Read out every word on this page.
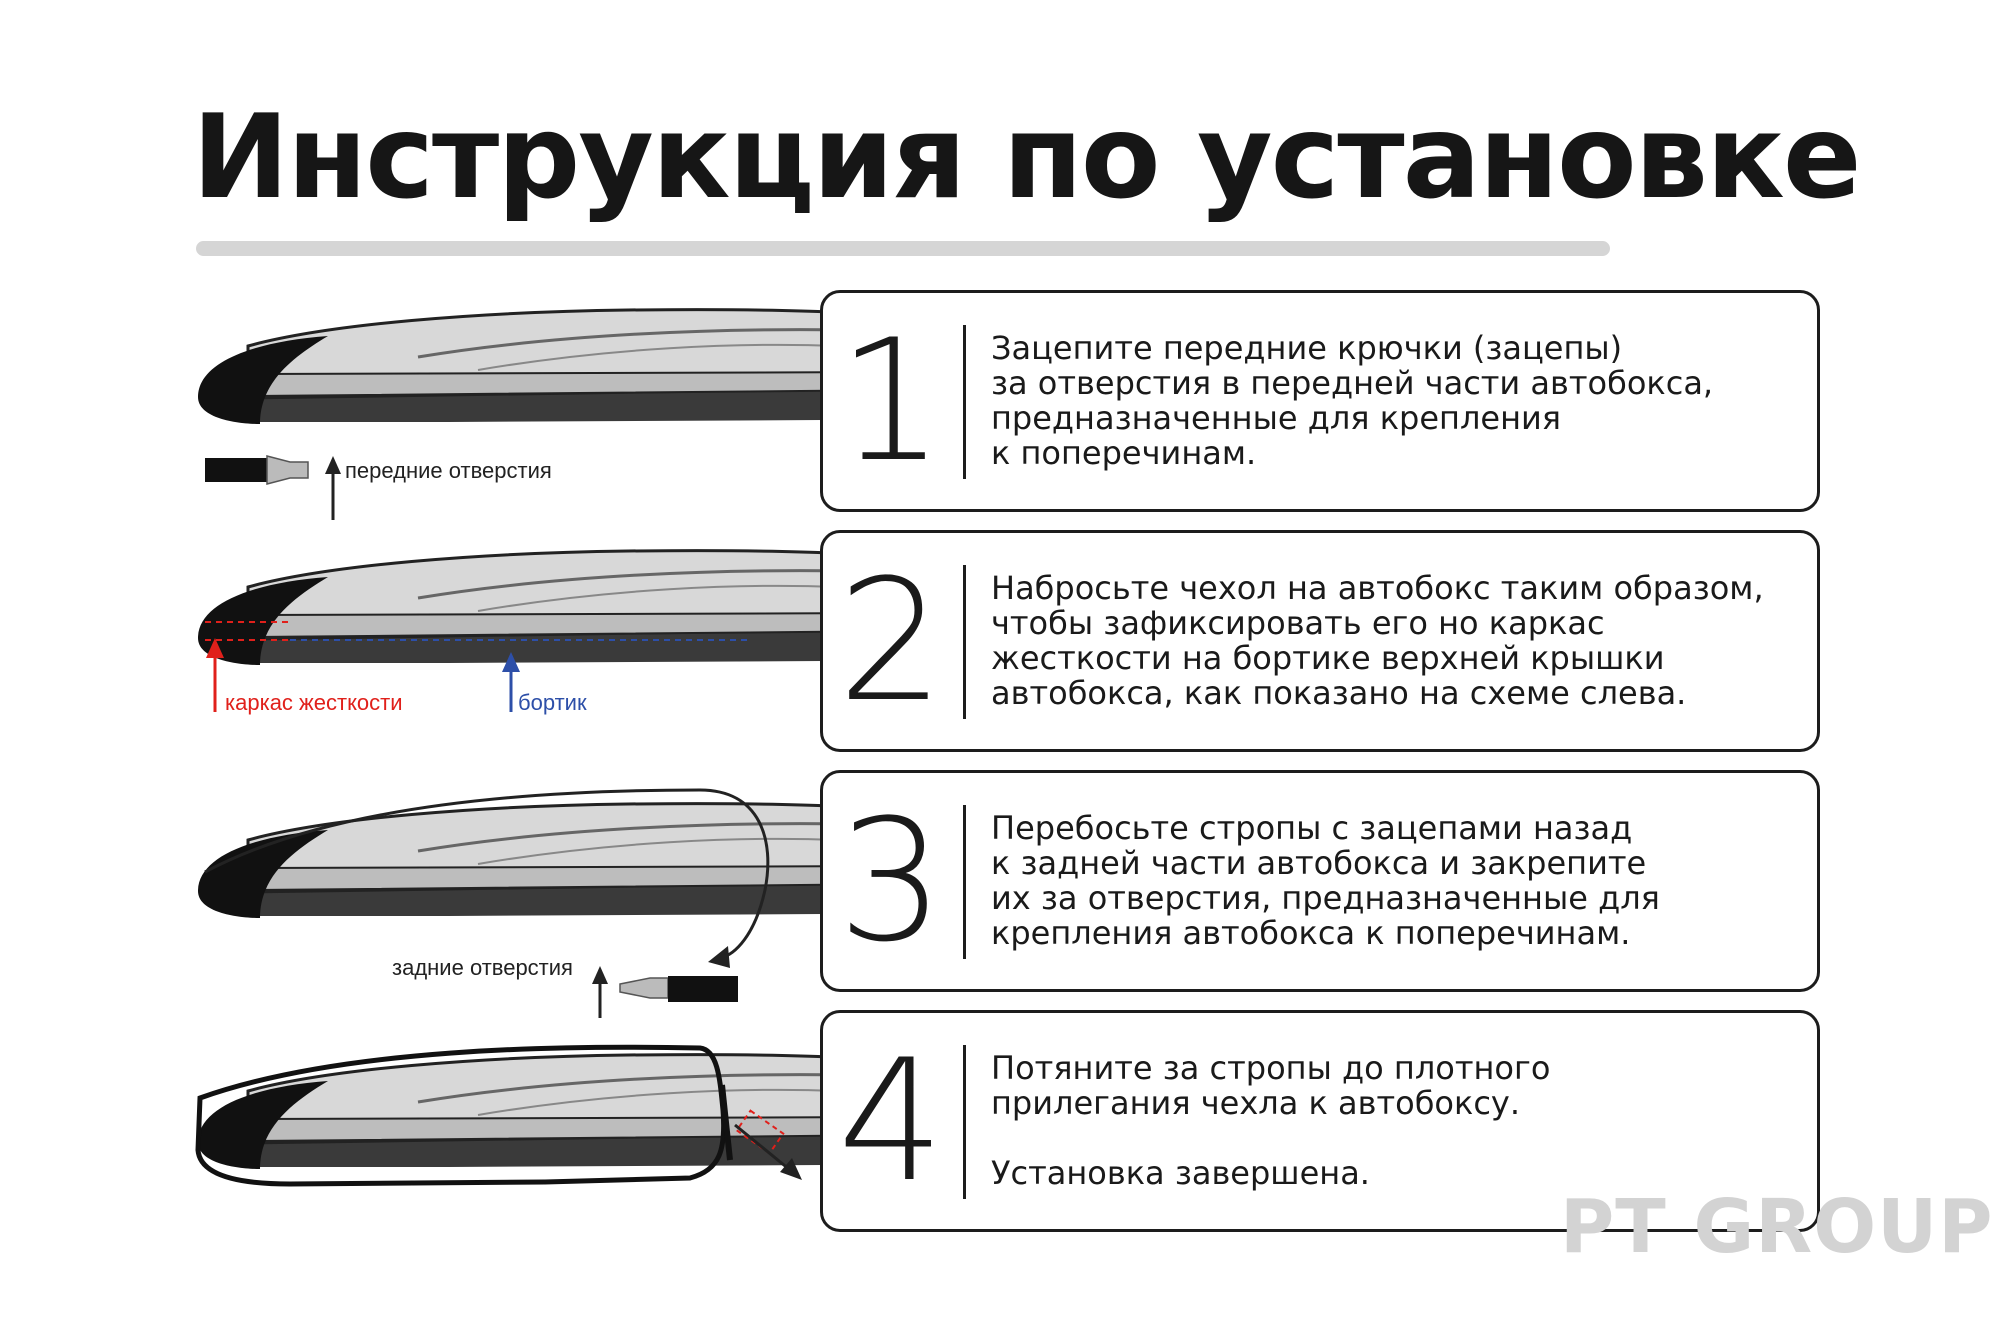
Инструкция по установке
передние отверстия
каркас жесткости	бортик
задние отверстия
1	Зацепите передние крючки (зацепы)

за отверстия в передней части автобокса,

предназначенные для крепления

к поперечинам.

2	Набросьте чехол на автобокс таким образом,

чтобы зафиксировать его но каркас

жесткости на бортике верхней крышки

автобокса, как показано на схеме слева.

3	Перебосьте стропы с зацепами назад

к задней части автобокса и закрепите

их за отверстия, предназначенные для

крепления автобокса к поперечинам.

4	Потяните за стропы до плотного

прилегания чехла к автобоксу.

Установка завершена.

PT GROUP
